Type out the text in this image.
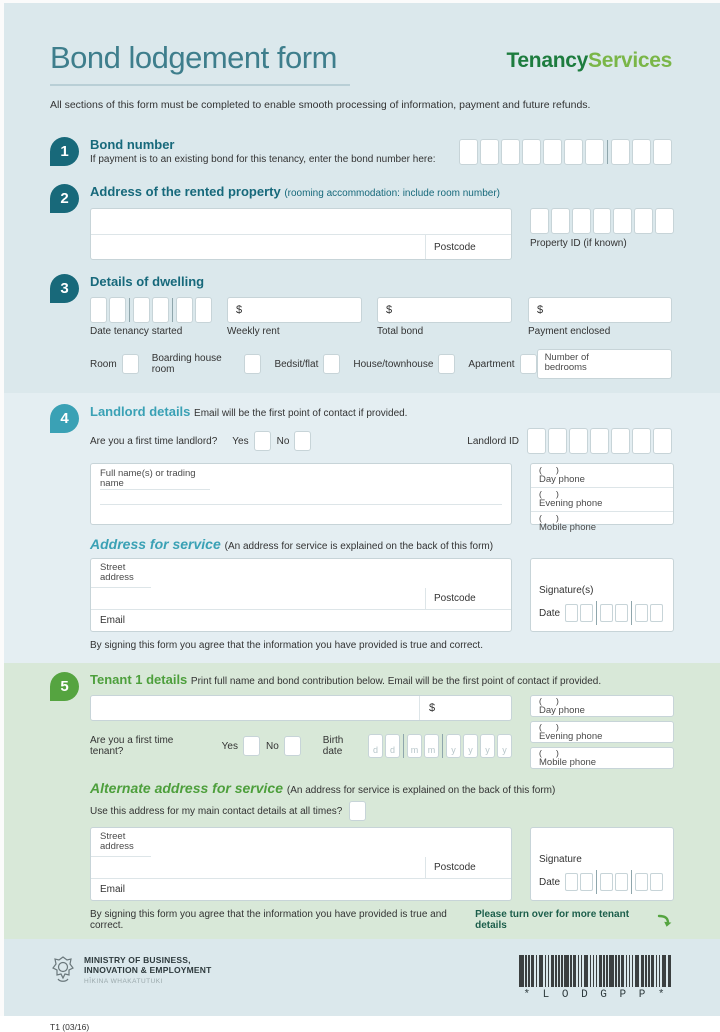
Bond lodgement form	TenancyServices

All sections of this form must be completed to enable smooth processing of information, payment and future refunds.

1	Bond number
If payment is to an existing bond for this tenancy, enter the bond number here:
2	Address of the rented property (rooming accommodation: include room number)
Postcode	Property ID (if known)
3	Details of dwelling
Date tenancy started
$
Weekly rent
$
Total bond
$
Payment enclosed
Room	Boarding house room	Bedsit/flat	House/townhouse	Apartment
Number of bedrooms
4	Landlord details Email will be the first point of contact if provided.
Are you a first time landlord? Yes	No	Landlord ID
Full name(s) or trading name
(      )
Day phone
(      )
Evening phone
(      )
Mobile phone
Address for service (An address for service is explained on the back of this form)
Street address
Postcode
Email
Signature(s)
Date
By signing this form you agree that the information you have provided is true and correct.
5	Tenant 1 details Print full name and bond contribution below. Email will be the first point of contact if provided.
$
Are you a first time tenant?	Yes	No	Birth date	d	d	m	m	y	y	y	y
(      )
Day phone
(      )
Evening phone
(      )
Mobile phone
Alternate address for service (An address for service is explained on the back of this form)
Use this address for my main contact details at all times?
Street address
Postcode
Email
Signature
Date
By signing this form you agree that the information you have provided is true and correct.
Please turn over for more tenant details
MINISTRY OF BUSINESS,
INNOVATION & EMPLOYMENT
HĪKINA WHAKATUTUKI
T1 (03/16)
* L O D G P P *
